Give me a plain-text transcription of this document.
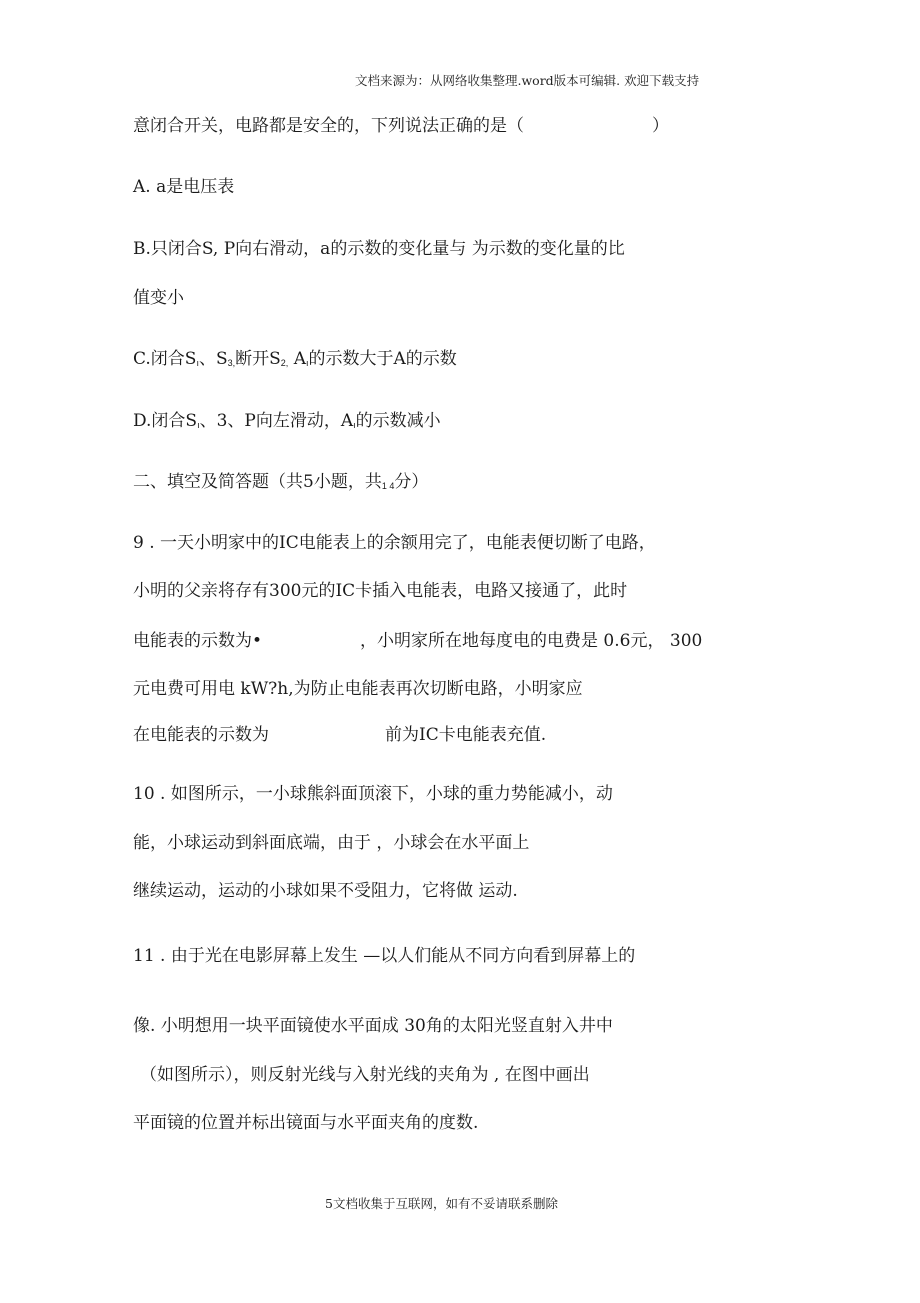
文档来源为：从网络收集整理.word版本可编辑. 欢迎下载支持
意闭合开关，电路都是安全的，下列说法正确的是（	）
A. a是电压表
B.只闭合S, P向右滑动，a的示数的变化量与 为示数的变化量的比
值变小
C.闭合$S_ı$、$S_{3,}$断开$S_{2,}$ $A_ı$的示数大于A的示数
D.闭合$S_ı$、3、P向左滑动，$A_ı$的示数减小
二、填空及简答题（共5小题，共$_{1 4}$分）
9 . 一天小明家中的IC电能表上的余额用完了，电能表便切断了电路，
小明的父亲将存有300元的IC卡插入电能表，电路又接通了，此时
电能表的示数为•	，小明家所在地每度电的电费是 0.6元， 300
元电费可用电 kW?h,为防止电能表再次切断电路，小明家应
在电能表的示数为	前为IC卡电能表充值.
10 . 如图所示，一小球熊斜面顶滚下，小球的重力势能减小，动
能，小球运动到斜面底端，由于 ，小球会在水平面上
继续运动，运动的小球如果不受阻力，它将做 运动.
11 . 由于光在电影屏幕上发生 —以人们能从不同方向看到屏幕上的
像. 小明想用一块平面镜使水平面成 30角的太阳光竖直射入井中
（如图所示），则反射光线与入射光线的夹角为 , 在图中画出
平面镜的位置并标出镜面与水平面夹角的度数.
5文档收集于互联网，如有不妥请联系删除
